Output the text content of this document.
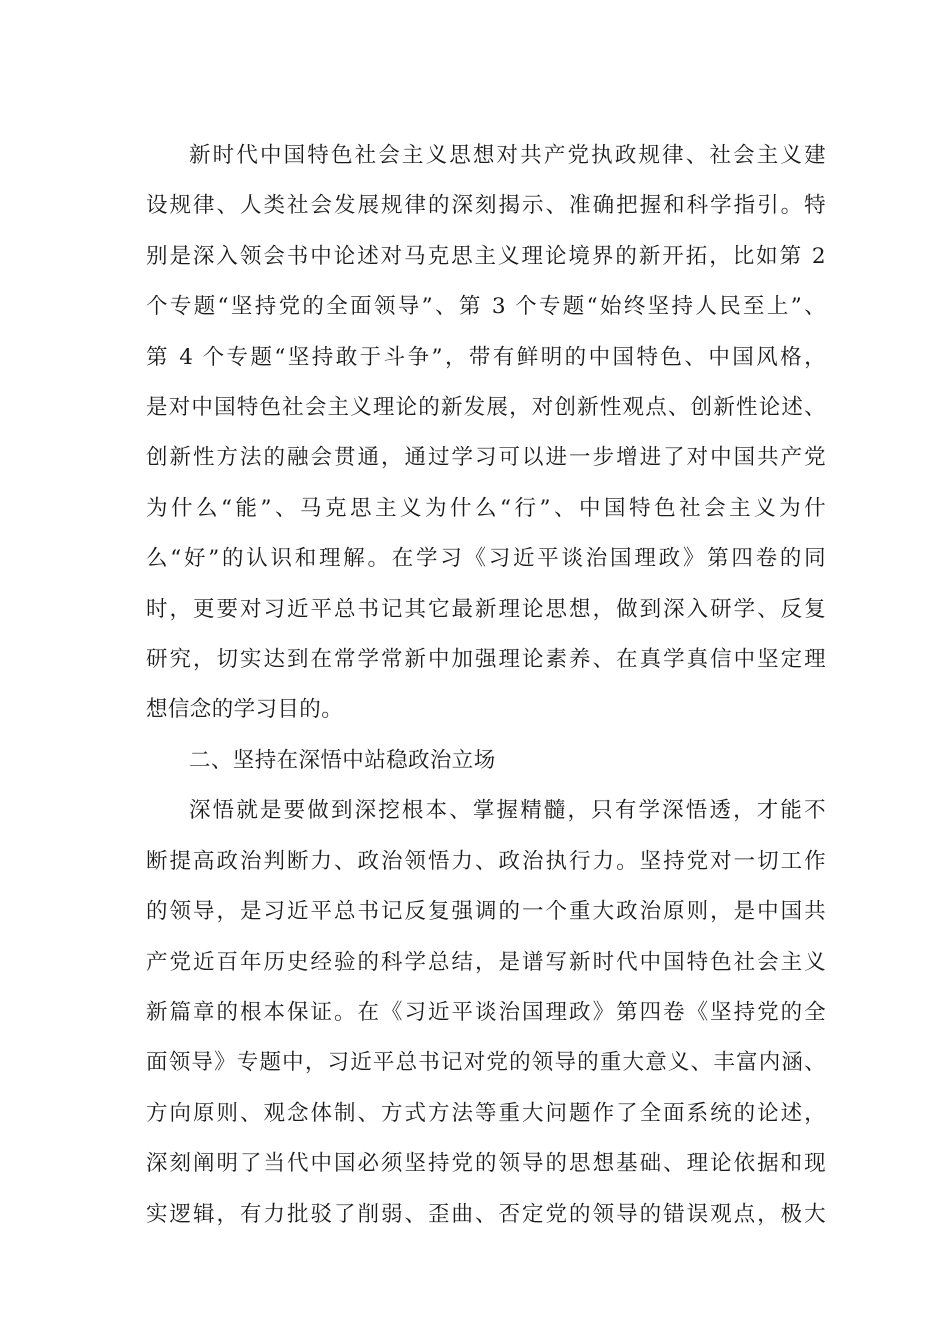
新时代中国特色社会主义思想对共产党执政规律、社会主义建
设规律、人类社会发展规律的深刻揭示、准确把握和科学指引。特
别是深入领会书中论述对马克思主义理论境界的新开拓，比如第 2
个专题“坚持党的全面领导”、第 3 个专题“始终坚持人民至上”、
第 4 个专题“坚持敢于斗争”，带有鲜明的中国特色、中国风格，
是对中国特色社会主义理论的新发展，对创新性观点、创新性论述、
创新性方法的融会贯通，通过学习可以进一步增进了对中国共产党
为什么“能”、马克思主义为什么“行”、中国特色社会主义为什
么“好”的认识和理解。在学习《习近平谈治国理政》第四卷的同
时，更要对习近平总书记其它最新理论思想，做到深入研学、反复
研究，切实达到在常学常新中加强理论素养、在真学真信中坚定理
想信念的学习目的。
二、坚持在深悟中站稳政治立场
深悟就是要做到深挖根本、掌握精髓，只有学深悟透，才能不
断提高政治判断力、政治领悟力、政治执行力。坚持党对一切工作
的领导，是习近平总书记反复强调的一个重大政治原则，是中国共
产党近百年历史经验的科学总结，是谱写新时代中国特色社会主义
新篇章的根本保证。在《习近平谈治国理政》第四卷《坚持党的全
面领导》专题中，习近平总书记对党的领导的重大意义、丰富内涵、
方向原则、观念体制、方式方法等重大问题作了全面系统的论述，
深刻阐明了当代中国必须坚持党的领导的思想基础、理论依据和现
实逻辑，有力批驳了削弱、歪曲、否定党的领导的错误观点，极大
